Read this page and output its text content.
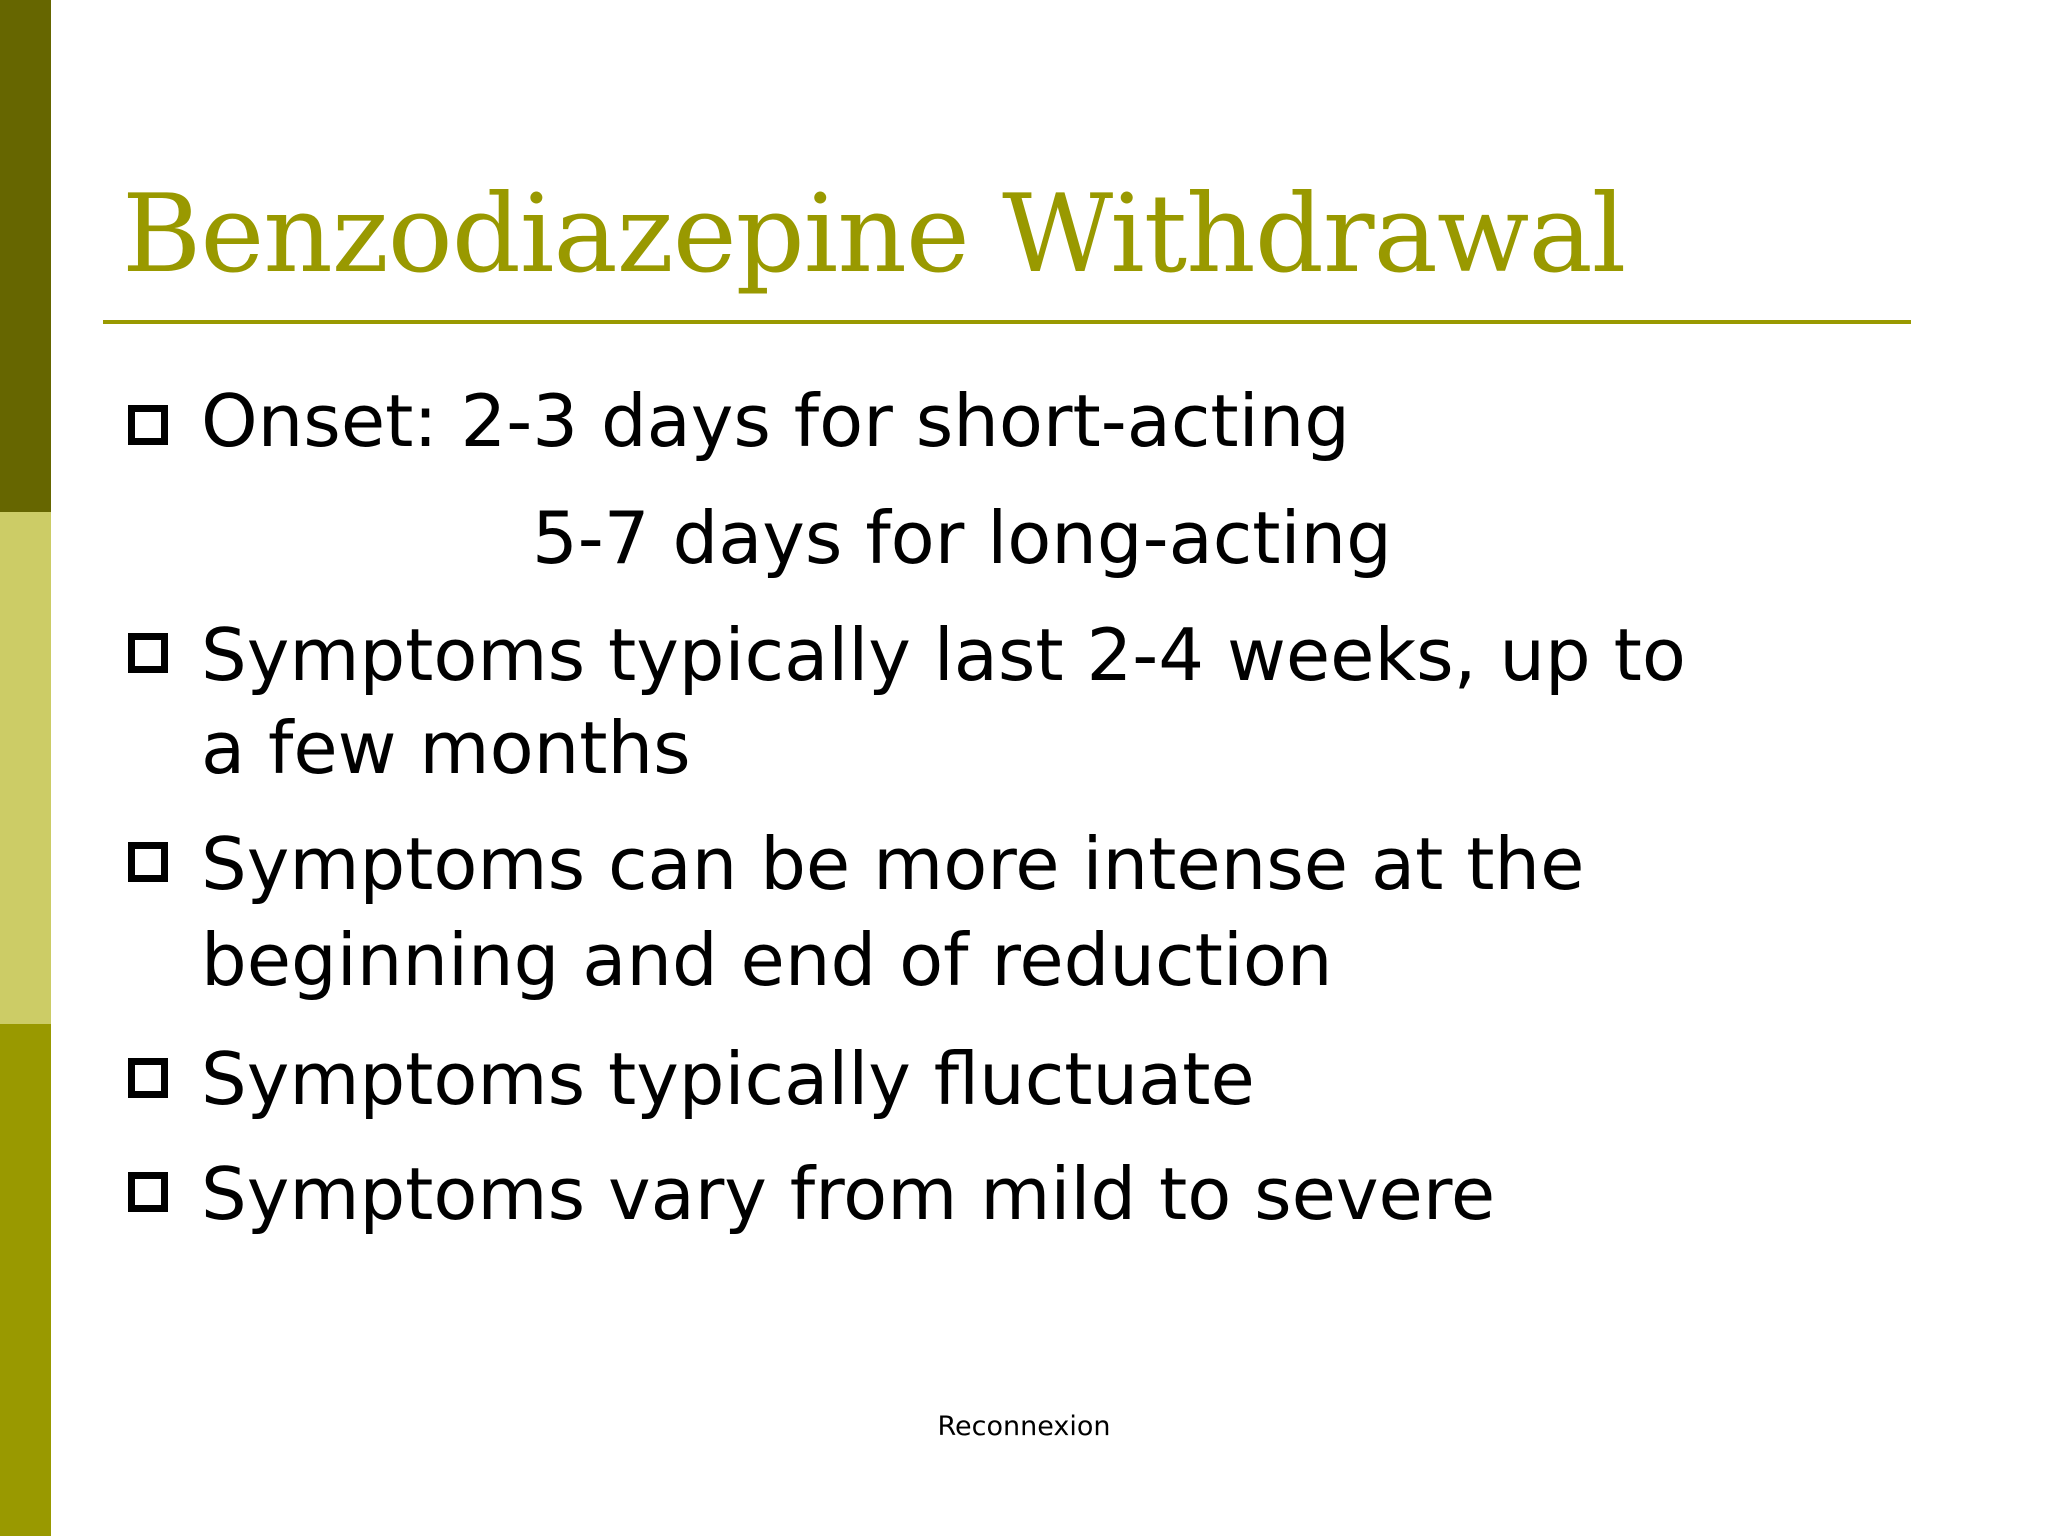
Benzodiazepine Withdrawal
Onset: 2-3 days for short-acting
5-7 days for long-acting
Symptoms typically last 2-4 weeks, up to
a few months
Symptoms can be more intense at the
beginning and end of reduction
Symptoms typically fluctuate
Symptoms vary from mild to severe
Reconnexion
